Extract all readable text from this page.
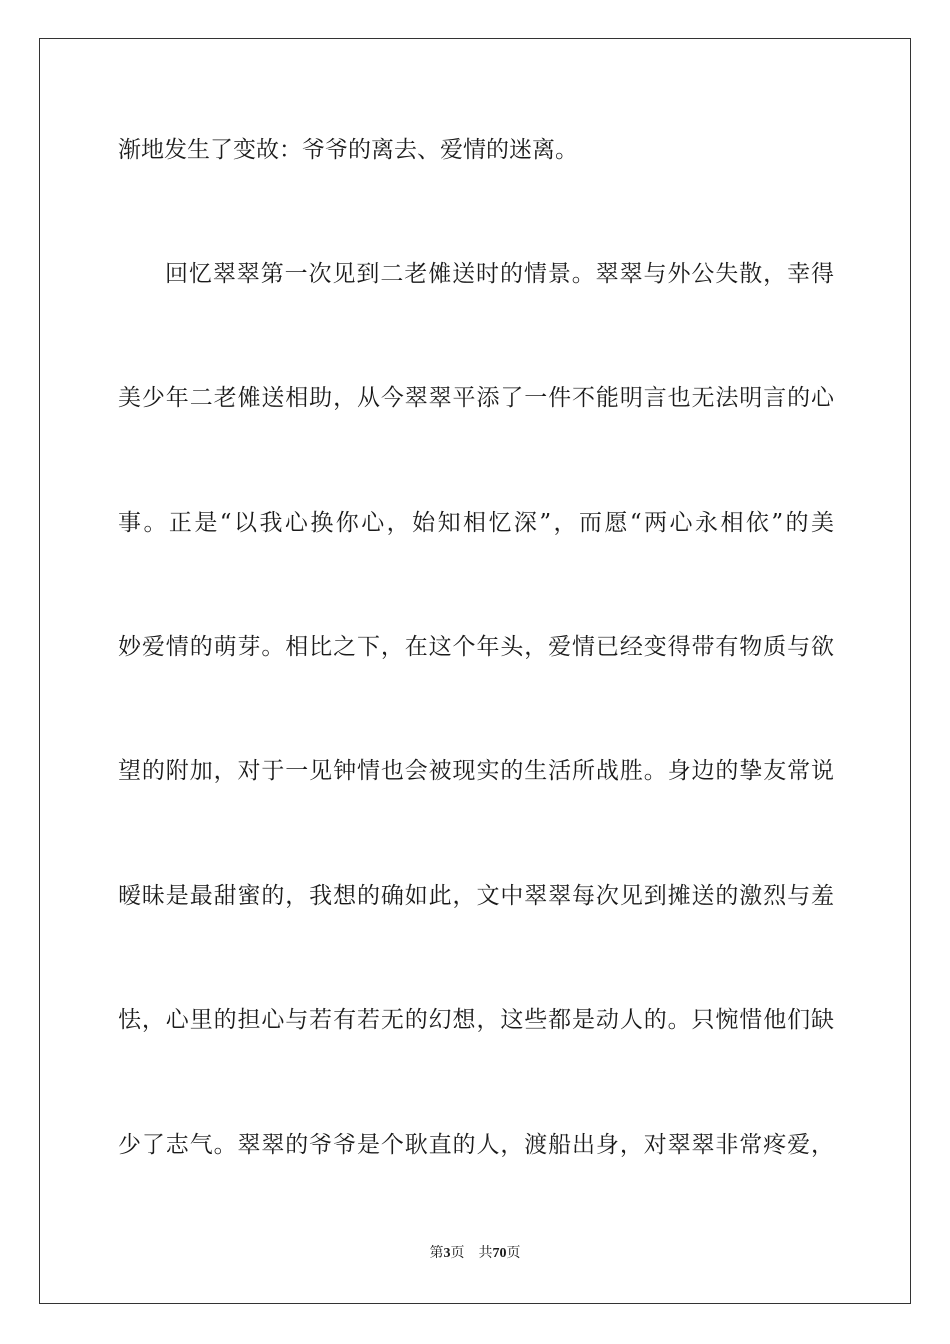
渐地发生了变故：爷爷的离去、爱情的迷离。
回忆翠翠第一次见到二老傩送时的情景。翠翠与外公失散，幸得
美少年二老傩送相助，从今翠翠平添了一件不能明言也无法明言的心
事。正是“以我心换你心，始知相忆深”，而愿“两心永相依”的美
妙爱情的萌芽。相比之下，在这个年头，爱情已经变得带有物质与欲
望的附加，对于一见钟情也会被现实的生活所战胜。身边的挚友常说
暧昧是最甜蜜的，我想的确如此，文中翠翠每次见到摊送的激烈与羞
怯，心里的担心与若有若无的幻想，这些都是动人的。只惋惜他们缺
少了志气。翠翠的爷爷是个耿直的人，渡船出身，对翠翠非常疼爱，
第3页 共70页
